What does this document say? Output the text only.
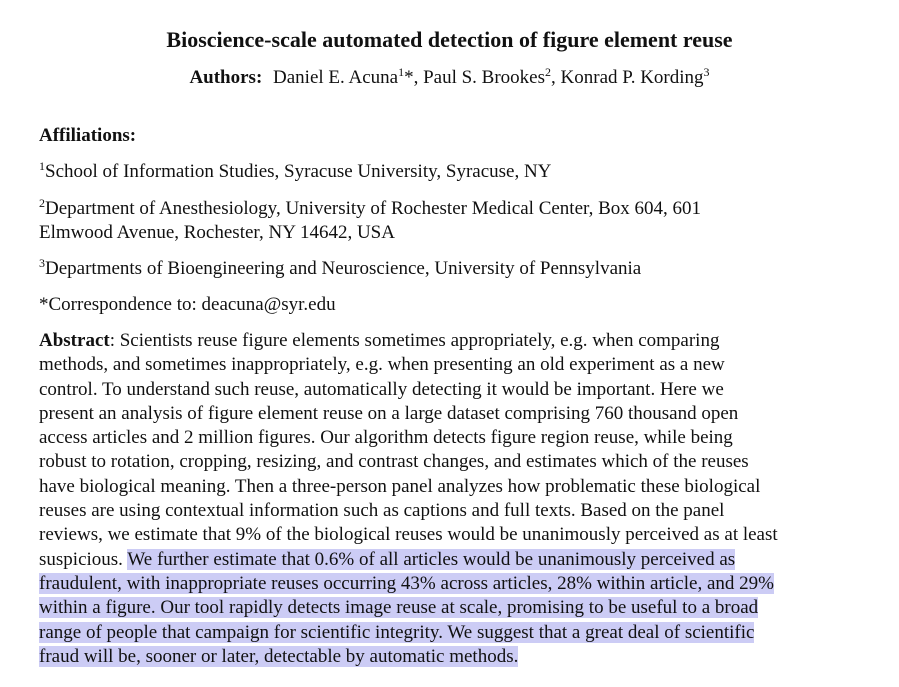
Bioscience-scale automated detection of figure element reuse
Authors: Daniel E. Acuna$^1$*, Paul S. Brookes$^2$, Konrad P. Kording$^3$
Affiliations:
$^1$School of Information Studies, Syracuse University, Syracuse, NY
$^2$Department of Anesthesiology, University of Rochester Medical Center, Box 604, 601
Elmwood Avenue, Rochester, NY 14642, USA
$^3$Departments of Bioengineering and Neuroscience, University of Pennsylvania
*Correspondence to: deacuna@syr.edu
Abstract: Scientists reuse figure elements sometimes appropriately, e.g. when comparing
methods, and sometimes inappropriately, e.g. when presenting an old experiment as a new
control. To understand such reuse, automatically detecting it would be important. Here we
present an analysis of figure element reuse on a large dataset comprising 760 thousand open
access articles and 2 million figures. Our algorithm detects figure region reuse, while being
robust to rotation, cropping, resizing, and contrast changes, and estimates which of the reuses
have biological meaning. Then a three-person panel analyzes how problematic these biological
reuses are using contextual information such as captions and full texts. Based on the panel
reviews, we estimate that 9% of the biological reuses would be unanimously perceived as at least
suspicious. We further estimate that 0.6% of all articles would be unanimously perceived as
fraudulent, with inappropriate reuses occurring 43% across articles, 28% within article, and 29%
within a figure. Our tool rapidly detects image reuse at scale, promising to be useful to a broad
range of people that campaign for scientific integrity. We suggest that a great deal of scientific
fraud will be, sooner or later, detectable by automatic methods.
